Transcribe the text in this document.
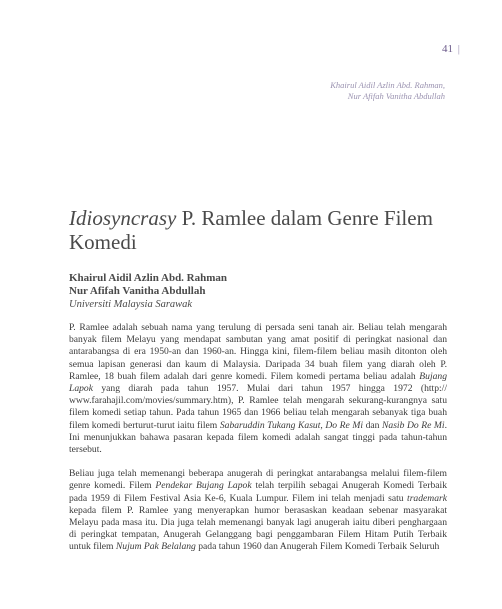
41 |
Khairul Aidil Azlin Abd. Rahman,
Nur Afifah Vanitha Abdullah
Idiosyncrasy P. Ramlee dalam Genre Filem Komedi
Khairul Aidil Azlin Abd. Rahman
Nur Afifah Vanitha Abdullah
Universiti Malaysia Sarawak

P. Ramlee adalah sebuah nama yang terulung di persada seni tanah air. Beliau telah mengarah banyak filem Melayu yang mendapat sambutan yang amat positif di peringkat nasional dan antarabangsa di era 1950-an dan 1960-an. Hingga kini, filem-filem beliau masih ditonton oleh semua lapisan generasi dan kaum di Malaysia. Daripada 34 buah filem yang diarah oleh P. Ramlee, 18 buah filem adalah dari genre komedi. Filem komedi pertama beliau adalah Bujang Lapok yang diarah pada tahun 1957. Mulai dari tahun 1957 hingga 1972 (http:// www.farahajil.com/movies/summary.htm), P. Ramlee telah mengarah sekurang-kurangnya satu filem komedi setiap tahun. Pada tahun 1965 dan 1966 beliau telah mengarah sebanyak tiga buah filem komedi berturut-turut iaitu filem Sabaruddin Tukang Kasut, Do Re Mi dan Nasib Do Re Mi. Ini menunjukkan bahawa pasaran kepada filem komedi adalah sangat tinggi pada tahun-tahun tersebut.

Beliau juga telah memenangi beberapa anugerah di peringkat antarabangsa melalui filem-filem genre komedi. Filem Pendekar Bujang Lapok telah terpilih sebagai Anugerah Komedi Terbaik pada 1959 di Filem Festival Asia Ke-6, Kuala Lumpur. Filem ini telah menjadi satu trademark kepada filem P. Ramlee yang menyerapkan humor berasaskan keadaan sebenar masyarakat Melayu pada masa itu. Dia juga telah memenangi banyak lagi anugerah iaitu diberi penghargaan di peringkat tempatan, Anugerah Gelanggang bagi penggambaran Filem Hitam Putih Terbaik untuk filem Nujum Pak Belalang pada tahun 1960 dan Anugerah Filem Komedi Terbaik Seluruh
